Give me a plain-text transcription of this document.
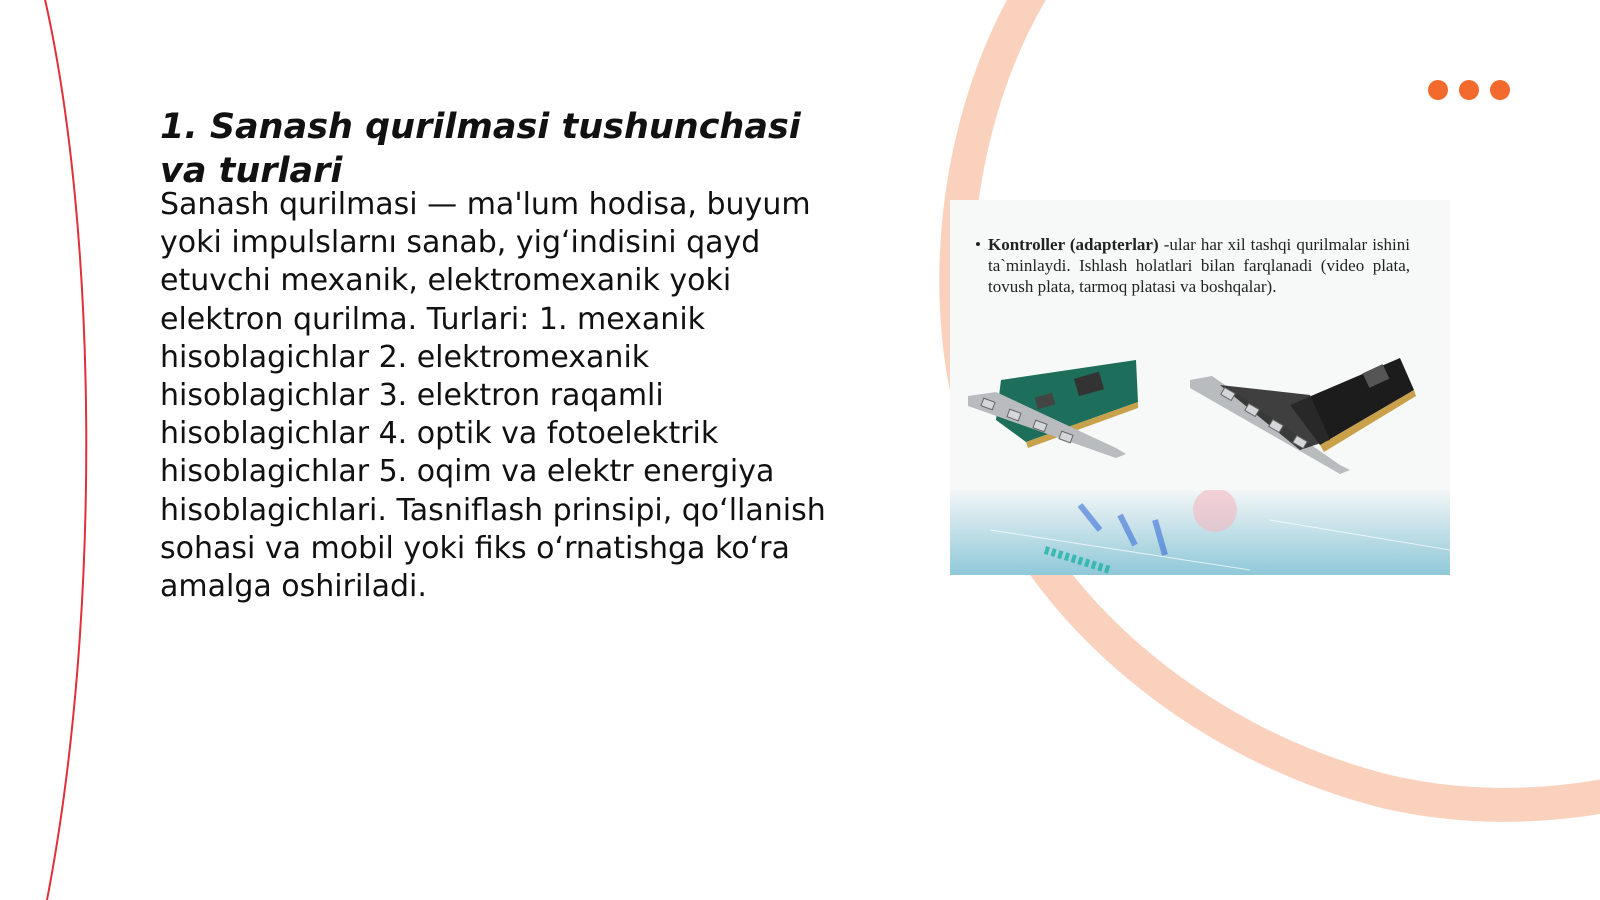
1. Sanash qurilmasi tushunchasi va turlari

Sanash qurilmasi — ma'lum hodisa, buyum yoki impulslarnı sanab, yig‘indisini qayd etuvchi mexanik, elektromexanik yoki elektron qurilma. Turlari: 1. mexanik hisoblagichlar 2. elektromexanik hisoblagichlar 3. elektron raqamli hisoblagichlar 4. optik va fotoelektrik hisoblagichlar 5. oqim va elektr energiya hisoblagichlari. Tasniflash prinsipi, qo‘llanish sohasi va mobil yoki fiks o‘rnatishga ko‘ra amalga oshiriladi.

• Kontroller (adapterlar) -ular har xil tashqi qurilmalar ishini ta`minlaydi. Ishlash holatlari bilan farqlanadi (video plata, tovush plata, tarmoq platasi va boshqalar).
